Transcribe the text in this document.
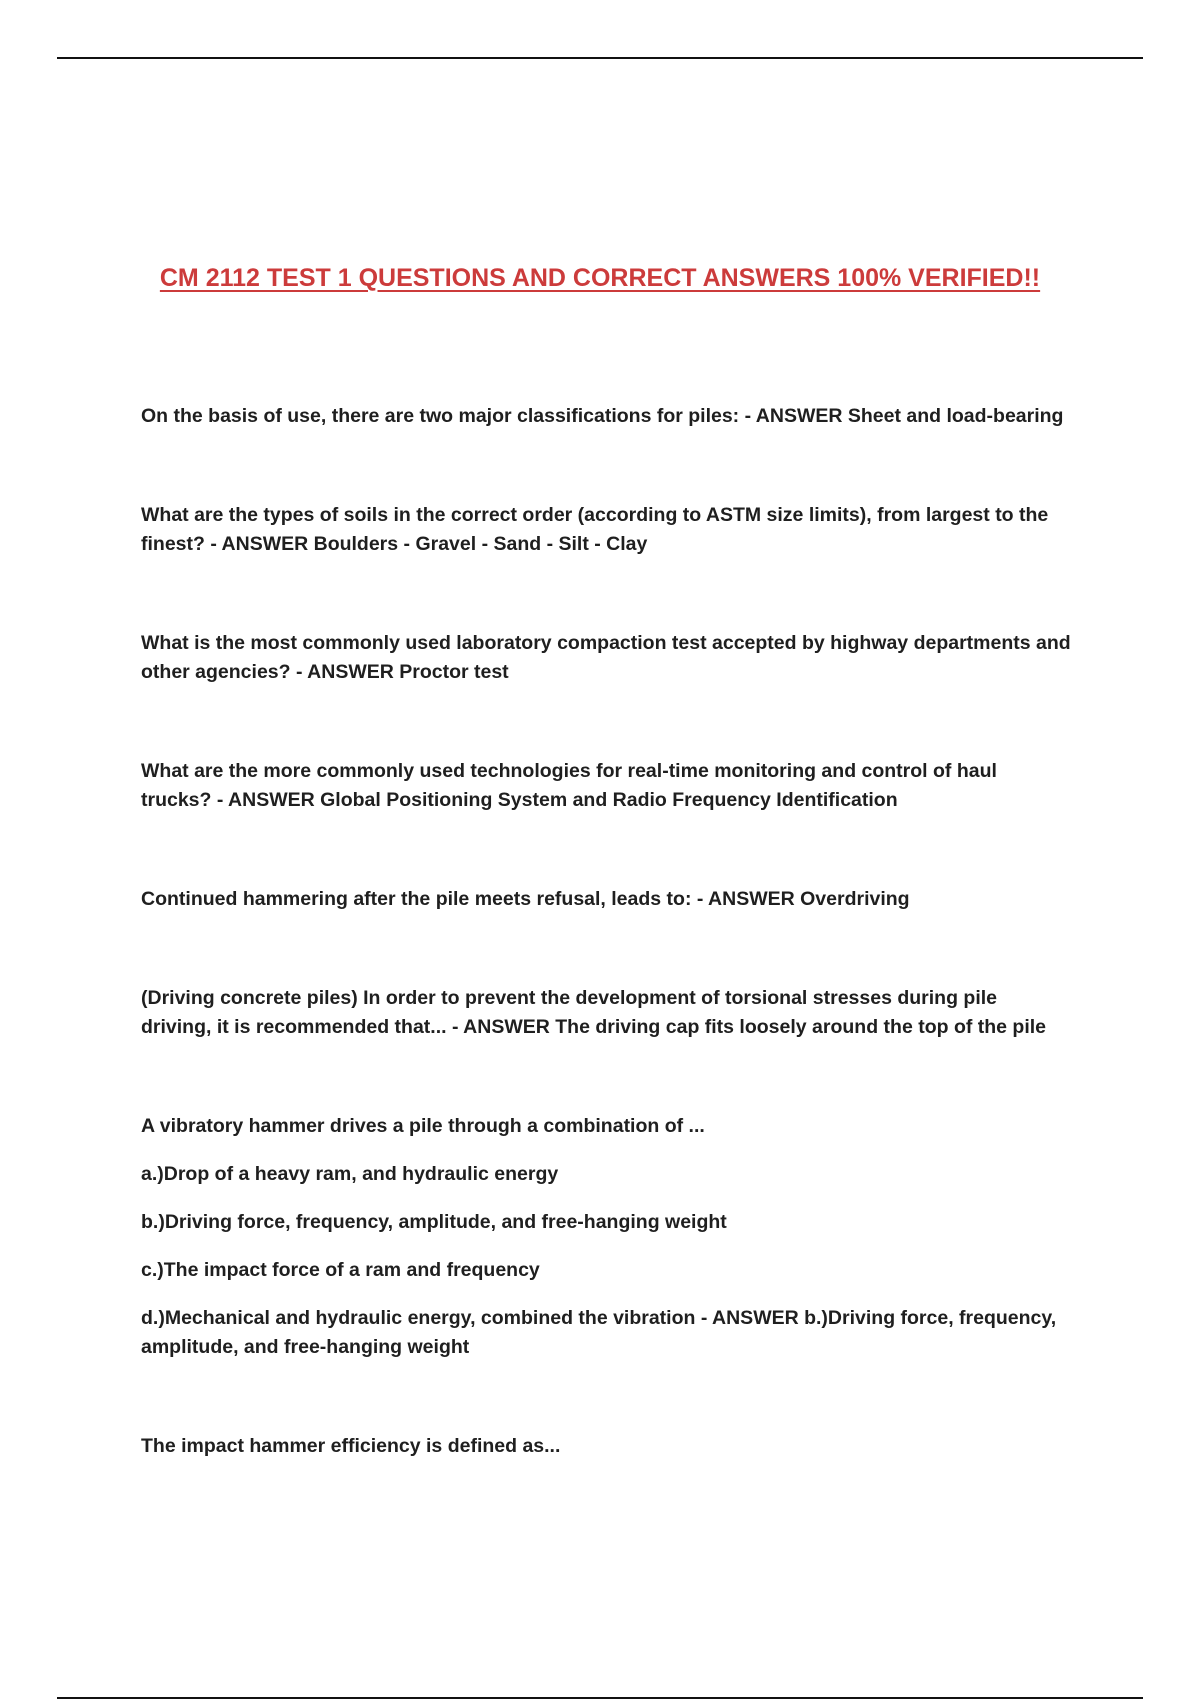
CM 2112 TEST 1 QUESTIONS AND CORRECT ANSWERS 100% VERIFIED!!

On the basis of use, there are two major classifications for piles: - ANSWER Sheet and load-bearing

What are the types of soils in the correct order (according to ASTM size limits), from largest to the finest? - ANSWER Boulders - Gravel - Sand - Silt - Clay

What is the most commonly used laboratory compaction test accepted by highway departments and other agencies? - ANSWER Proctor test

What are the more commonly used technologies for real-time monitoring and control of haul trucks? - ANSWER Global Positioning System and Radio Frequency Identification

Continued hammering after the pile meets refusal, leads to: - ANSWER Overdriving

(Driving concrete piles) In order to prevent the development of torsional stresses during pile driving, it is recommended that... - ANSWER The driving cap fits loosely around the top of the pile

A vibratory hammer drives a pile through a combination of ...

a.)Drop of a heavy ram, and hydraulic energy
b.)Driving force, frequency, amplitude, and free-hanging weight
c.)The impact force of a ram and frequency
d.)Mechanical and hydraulic energy, combined the vibration - ANSWER b.)Driving force, frequency, amplitude, and free-hanging weight

The impact hammer efficiency is defined as...
